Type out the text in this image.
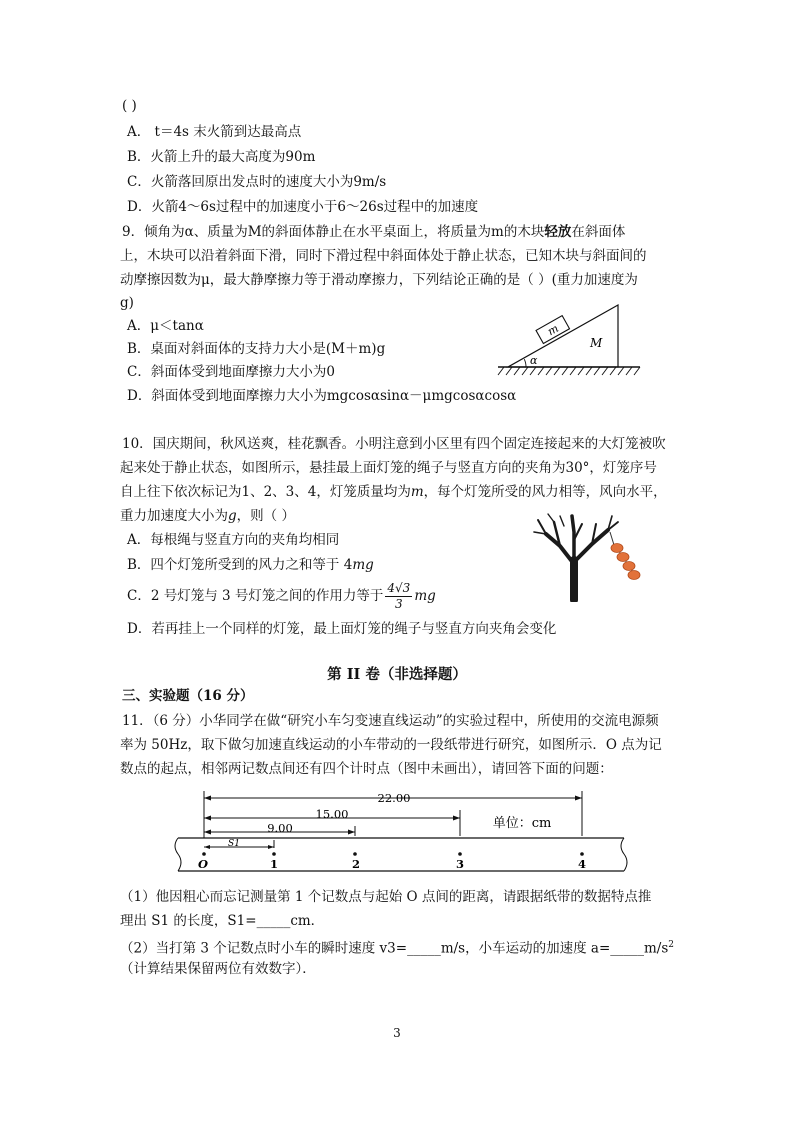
( )
A． t＝4s 末火箭到达最高点
B．火箭上升的最大高度为90m
C．火箭落回原出发点时的速度大小为9m/s
D．火箭4～6s过程中的加速度小于6～26s过程中的加速度
9．倾角为α、质量为M的斜面体静止在水平桌面上，将质量为m的木块轻放在斜面体
上，木块可以沿着斜面下滑，同时下滑过程中斜面体处于静止状态，已知木块与斜面间的
动摩擦因数为μ，最大静摩擦力等于滑动摩擦力，下列结论正确的是（ ）(重力加速度为
g)
A．μ＜tanα
B．桌面对斜面体的支持力大小是(M＋m)g
C．斜面体受到地面摩擦力大小为0
D．斜面体受到地面摩擦力大小为mgcosαsinα－μmgcosαcosα
m
M
α
10．国庆期间，秋风送爽，桂花飘香。小明注意到小区里有四个固定连接起来的大灯笼被吹
起来处于静止状态，如图所示，悬挂最上面灯笼的绳子与竖直方向的夹角为30°，灯笼序号
自上往下依次标记为1、2、3、4，灯笼质量均为m，每个灯笼所受的风力相等，风向水平，
重力加速度大小为g，则（ ）
A．每根绳与竖直方向的夹角均相同
B．四个灯笼所受到的风力之和等于 4mg
C．2 号灯笼与 3 号灯笼之间的作用力等于 $\frac{4√3}{3}$ mg
D．若再挂上一个同样的灯笼，最上面灯笼的绳子与竖直方向夹角会变化
第 II 卷（非选择题）
三、实验题（16 分）
11．（6 分）小华同学在做“研究小车匀变速直线运动”的实验过程中，所使用的交流电源频
率为 50Hz，取下做匀加速直线运动的小车带动的一段纸带进行研究，如图所示．O 点为记
数点的起点，相邻两记数点间还有四个计时点（图中未画出），请回答下面的问题：
22.00
15.00
9.00
S1
单位：cm
O	1	2	3	4
（1）他因粗心而忘记测量第 1 个记数点与起始 O 点间的距离，请跟据纸带的数据特点推
理出 S1 的长度，S1=_____cm．
（2）当打第 3 个记数点时小车的瞬时速度 v3=_____m/s，小车运动的加速度 $a=\_\_\_\_\_m/s^2$
（计算结果保留两位有效数字）．
3
